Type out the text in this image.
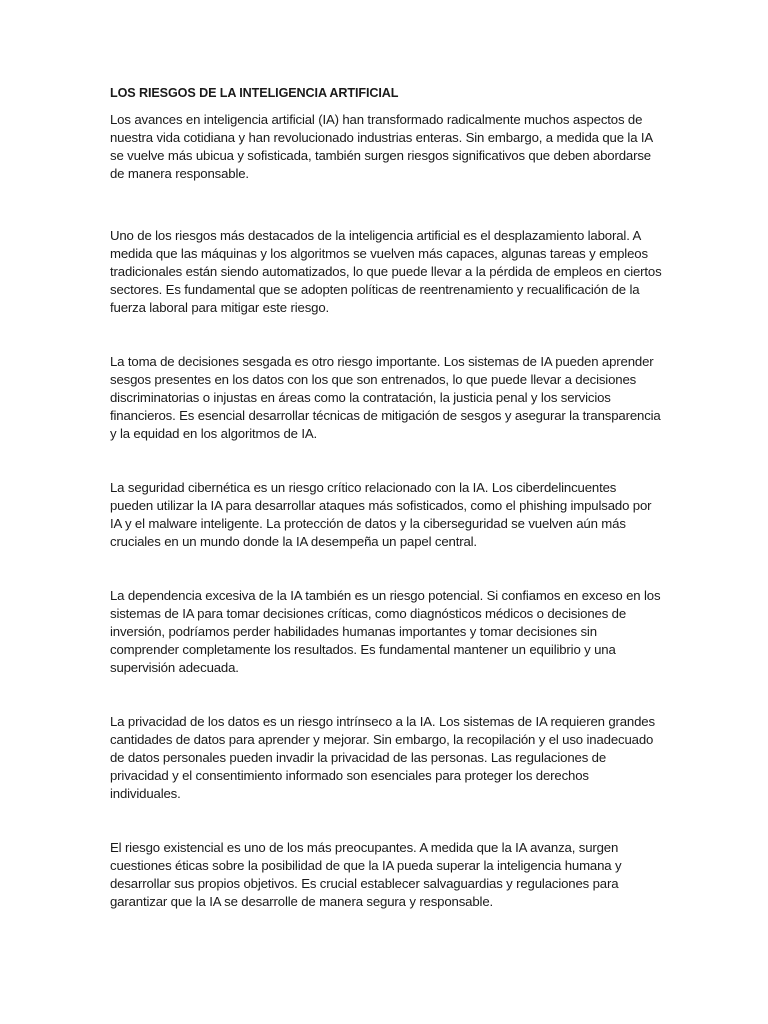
LOS RIESGOS DE LA INTELIGENCIA ARTIFICIAL

Los avances en inteligencia artificial (IA) han transformado radicalmente muchos aspectos de nuestra vida cotidiana y han revolucionado industrias enteras. Sin embargo, a medida que la IA se vuelve más ubicua y sofisticada, también surgen riesgos significativos que deben abordarse de manera responsable.

Uno de los riesgos más destacados de la inteligencia artificial es el desplazamiento laboral. A medida que las máquinas y los algoritmos se vuelven más capaces, algunas tareas y empleos tradicionales están siendo automatizados, lo que puede llevar a la pérdida de empleos en ciertos sectores. Es fundamental que se adopten políticas de reentrenamiento y recualificación de la fuerza laboral para mitigar este riesgo.

La toma de decisiones sesgada es otro riesgo importante. Los sistemas de IA pueden aprender sesgos presentes en los datos con los que son entrenados, lo que puede llevar a decisiones discriminatorias o injustas en áreas como la contratación, la justicia penal y los servicios financieros. Es esencial desarrollar técnicas de mitigación de sesgos y asegurar la transparencia y la equidad en los algoritmos de IA.

La seguridad cibernética es un riesgo crítico relacionado con la IA. Los ciberdelincuentes pueden utilizar la IA para desarrollar ataques más sofisticados, como el phishing impulsado por IA y el malware inteligente. La protección de datos y la ciberseguridad se vuelven aún más cruciales en un mundo donde la IA desempeña un papel central.

La dependencia excesiva de la IA también es un riesgo potencial. Si confiamos en exceso en los sistemas de IA para tomar decisiones críticas, como diagnósticos médicos o decisiones de inversión, podríamos perder habilidades humanas importantes y tomar decisiones sin comprender completamente los resultados. Es fundamental mantener un equilibrio y una supervisión adecuada.

La privacidad de los datos es un riesgo intrínseco a la IA. Los sistemas de IA requieren grandes cantidades de datos para aprender y mejorar. Sin embargo, la recopilación y el uso inadecuado de datos personales pueden invadir la privacidad de las personas. Las regulaciones de privacidad y el consentimiento informado son esenciales para proteger los derechos individuales.

El riesgo existencial es uno de los más preocupantes. A medida que la IA avanza, surgen cuestiones éticas sobre la posibilidad de que la IA pueda superar la inteligencia humana y desarrollar sus propios objetivos. Es crucial establecer salvaguardias y regulaciones para garantizar que la IA se desarrolle de manera segura y responsable.
